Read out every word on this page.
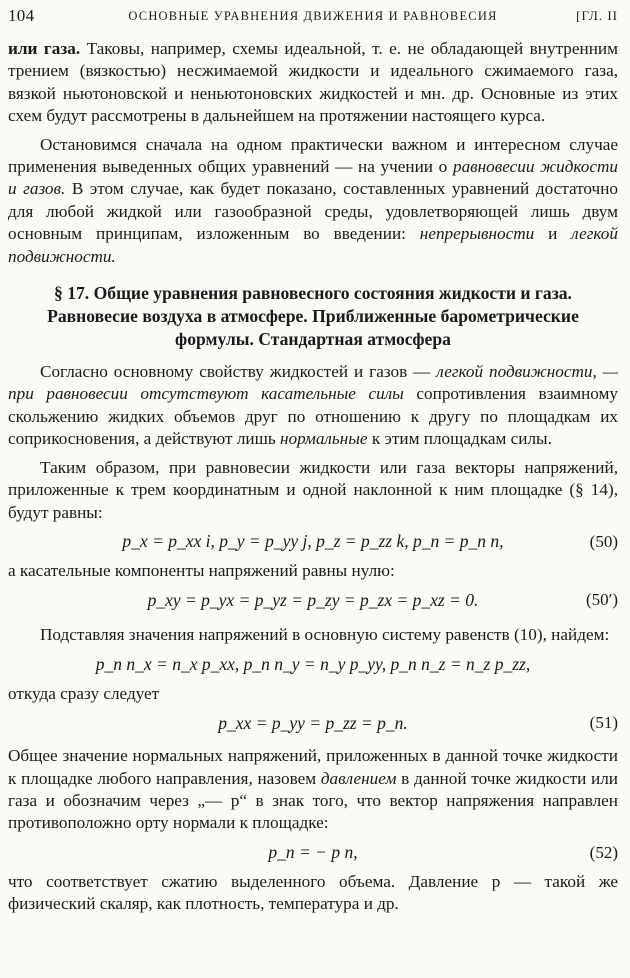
104	ОСНОВНЫЕ УРАВНЕНИЯ ДВИЖЕНИЯ И РАВНОВЕСИЯ	[ГЛ. II

или газа. Таковы, например, схемы идеальной, т. е. не обладающей внутренним трением (вязкостью) несжимаемой жидкости и идеального сжимаемого газа, вязкой ньютоновской и неньютоновских жидкостей и мн. др. Основные из этих схем будут рассмотрены в дальнейшем на протяжении настоящего курса.

Остановимся сначала на одном практически важном и интересном случае применения выведенных общих уравнений — на учении о равновесии жидкости и газов. В этом случае, как будет показано, составленных уравнений достаточно для любой жидкой или газообразной среды, удовлетворяющей лишь двум основным принципам, изложенным во введении: непрерывности и легкой подвижности.

§ 17. Общие уравнения равновесного состояния жидкости и газа. Равновесие воздуха в атмосфере. Приближенные барометрические формулы. Стандартная атмосфера

Согласно основному свойству жидкостей и газов — легкой подвижности, — при равновесии отсутствуют касательные силы сопротивления взаимному скольжению жидких объемов друг по отношению к другу по площадкам их соприкосновения, а действуют лишь нормальные к этим площадкам силы.

Таким образом, при равновесии жидкости или газа векторы напряжений, приложенные к трем координатным и одной наклонной к ним площадке (§ 14), будут равны:

p_x = p_xx i, p_y = p_yy j, p_z = p_zz k, p_n = p_n n,	(50)

а касательные компоненты напряжений равны нулю:

p_xy = p_yx = p_yz = p_zy = p_zx = p_xz = 0.	(50′)

Подставляя значения напряжений в основную систему равенств (10), найдем:

p_n n_x = n_x p_xx, p_n n_y = n_y p_yy, p_n n_z = n_z p_zz,

откуда сразу следует

p_xx = p_yy = p_zz = p_n.	(51)

Общее значение нормальных напряжений, приложенных в данной точке жидкости к площадке любого направления, назовем давлением в данной точке жидкости или газа и обозначим через „— p“ в знак того, что вектор напряжения направлен противоположно орту нормали к площадке:

p_n = − p n,	(52)

что соответствует сжатию выделенного объема. Давление p — такой же физический скаляр, как плотность, температура и др.
